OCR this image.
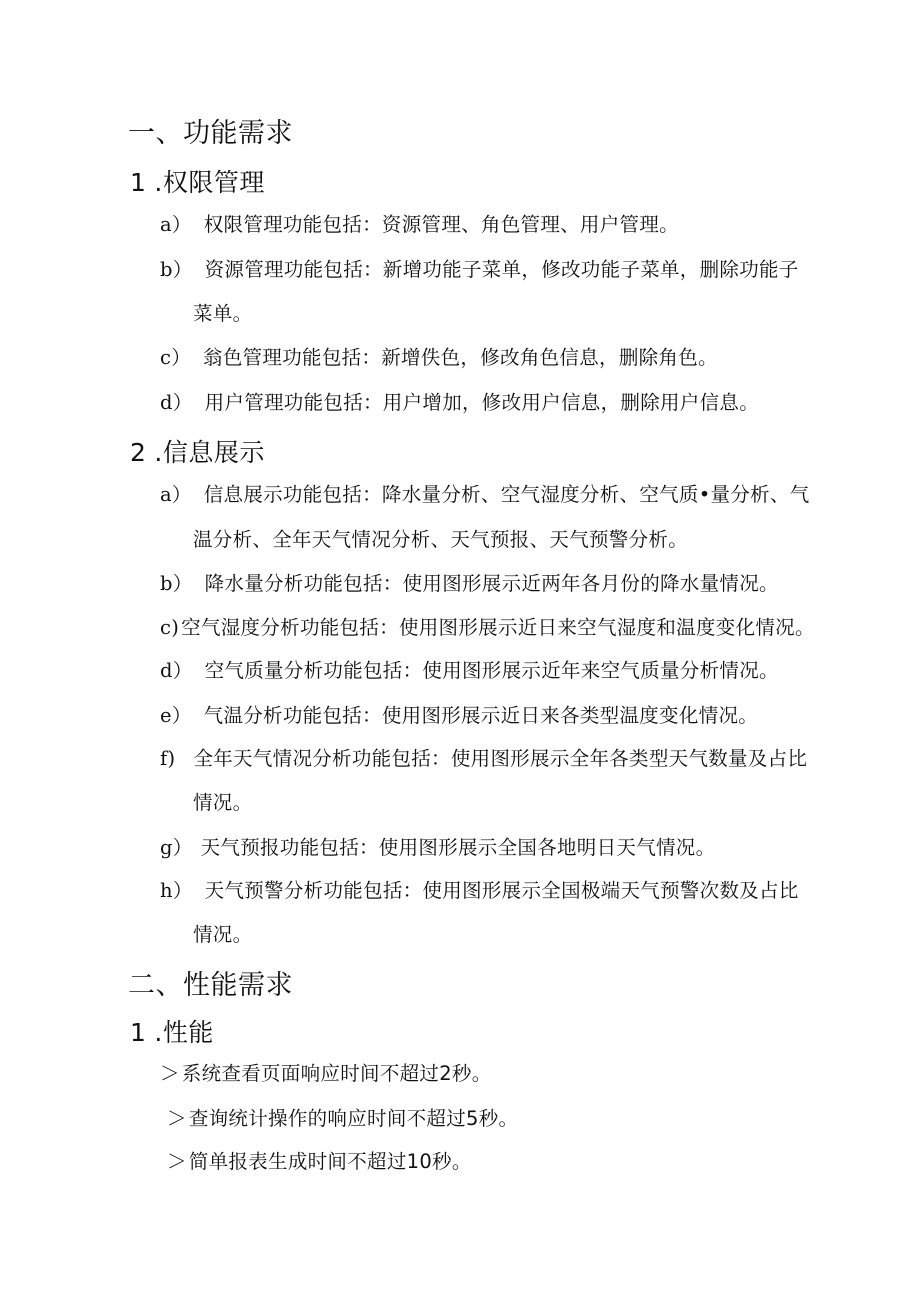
一、功能需求
1 .权限管理
a） 权限管理功能包括：资源管理、角色管理、用户管理。
b） 资源管理功能包括：新增功能子菜单，修改功能子菜单，删除功能子
菜单。
c） 翁色管理功能包括：新增佚色，修改角色信息，删除角色。
d） 用户管理功能包括：用户增加，修改用户信息，删除用户信息。
2 .信息展示
a） 信息展示功能包括：降水量分析、空气湿度分析、空气质•量分析、气
温分析、全年天气情况分析、天气预报、天气预警分析。
b） 降水量分析功能包括：使用图形展示近两年各月份的降水量情况。
c) 空气湿度分析功能包括：使用图形展示近日来空气湿度和温度变化情况。
d） 空气质量分析功能包括：使用图形展示近年来空气质量分析情况。
e） 气温分析功能包括：使用图形展示近日来各类型温度变化情况。
f) 全年天气情况分析功能包括：使用图形展示全年各类型天气数量及占比
情况。
g） 天气预报功能包括：使用图形展示全国各地明日天气情况。
h） 天气预警分析功能包括：使用图形展示全国极端天气预警次数及占比
情况。
二、性能需求
1 .性能
＞ 系统查看页面响应时间不超过2秒。
＞ 查询统计操作的响应时间不超过5秒。
＞ 简单报表生成时间不超过10秒。
